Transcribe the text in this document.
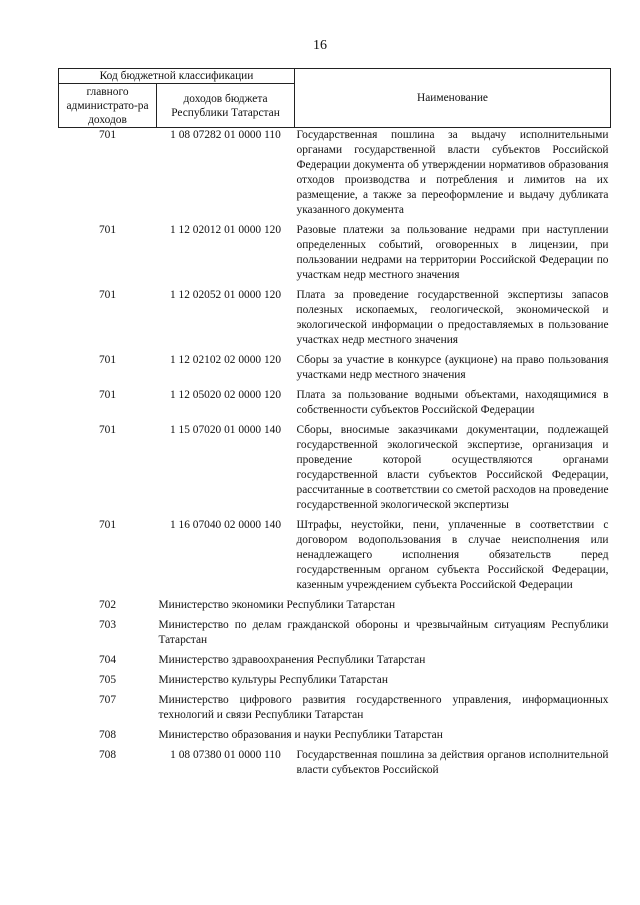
16
Код бюджетной классификации		Наименование
главного администрато-ра доходов	доходов бюджета Республики Татарстан	
701	1 08 07282 01 0000 110	Государственная пошлина за выдачу исполнительными органами государственной власти субъектов Российской Федерации документа об утверждении нормативов образования отходов производства и потребления и лимитов на их размещение, а также за переоформление и выдачу дубликата указанного документа
701	1 12 02012 01 0000 120	Разовые платежи за пользование недрами при наступлении определенных событий, оговоренных в лицензии, при пользовании недрами на территории Российской Федерации по участкам недр местного значения
701	1 12 02052 01 0000 120	Плата за проведение государственной экспертизы запасов полезных ископаемых, геологической, экономической и экологической информации о предоставляемых в пользование участках недр местного значения
701	1 12 02102 02 0000 120	Сборы за участие в конкурсе (аукционе) на право пользования участками недр местного значения
701	1 12 05020 02 0000 120	Плата за пользование водными объектами, находящимися в собственности субъектов Российской Федерации
701	1 15 07020 01 0000 140	Сборы, вносимые заказчиками документации, подлежащей государственной экологической экспертизе, организация и проведение которой осуществляются органами государственной власти субъектов Российской Федерации, рассчитанные в соответствии со сметой расходов на проведение государственной экологической экспертизы
701	1 16 07040 02 0000 140	Штрафы, неустойки, пени, уплаченные в соответствии с договором водопользования в случае неисполнения или ненадлежащего исполнения обязательств перед государственным органом субъекта Российской Федерации, казенным учреждением субъекта Российской Федерации
702	Министерство экономики Республики Татарстан	
703	Министерство по делам гражданской обороны и чрезвычайным ситуациям Республики Татарстан	
704	Министерство здравоохранения Республики Татарстан	
705	Министерство культуры Республики Татарстан	
707	Министерство цифрового развития государственного управления, информационных технологий и связи Республики Татарстан	
708	Министерство образования и науки Республики Татарстан	
708	1 08 07380 01 0000 110	Государственная пошлина за действия органов исполнительной власти субъектов Российской
